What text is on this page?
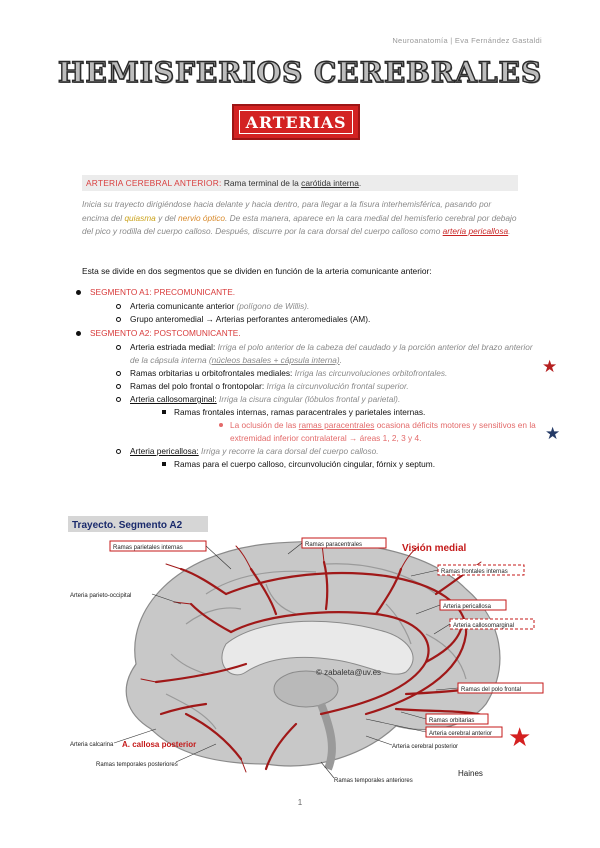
Neuroanatomía | Eva Fernández Gastaldi
HEMISFERIOS CEREBRALES
ARTERIAS
ARTERIA CEREBRAL ANTERIOR: Rama terminal de la carótida interna.
Inicia su trayecto dirigiéndose hacia delante y hacia dentro, para llegar a la fisura interhemisférica, pasando por encima del quiasma y del nervio óptico. De esta manera, aparece en la cara medial del hemisferio cerebral por debajo del pico y rodilla del cuerpo calloso. Después, discurre por la cara dorsal del cuerpo calloso como arteria pericallosa.
Esta se divide en dos segmentos que se dividen en función de la arteria comunicante anterior:
SEGMENTO A1: PRECOMUNICANTE.
Arteria comunicante anterior (polígono de Willis).
Grupo anteromedial → Arterias perforantes anteromediales (AM).
SEGMENTO A2: POSTCOMUNICANTE.
Arteria estriada medial: Irriga el polo anterior de la cabeza del caudado y la porción anterior del brazo anterior de la cápsula interna (núcleos basales + cápsula interna).
Ramas orbitarias u orbitofrontales mediales: Irriga las circunvoluciones orbitofrontales.
Ramas del polo frontal o frontopolar: Irriga la circunvolución frontal superior.
Arteria callosomarginal: Irriga la cisura cingular (lóbulos frontal y parietal).
Ramas frontales internas, ramas paracentrales y parietales internas.
La oclusión de las ramas paracentrales ocasiona déficits motores y sensitivos en la extremidad inferior contralateral → áreas 1, 2, 3 y 4.
Arteria pericallosa: Irriga y recorre la cara dorsal del cuerpo calloso.
Ramas para el cuerpo calloso, circunvolución cingular, fórnix y septum.
★
★
Trayecto. Segmento A2
© zabaleta@uv.es
Ramas parietales internas	Ramas paracentrales	Visión medial
Ramas frontales internas
Arteria pericallosa
Arteria callosomarginal
Arteria parieto-occipital
Ramas del polo frontal
Ramas orbitarias
Arteria cerebral anterior
Arteria cerebral posterior
Arteria calcarina A. callosa posterior
Ramas temporales posteriores
Ramas temporales anteriores
Haines
★
1
